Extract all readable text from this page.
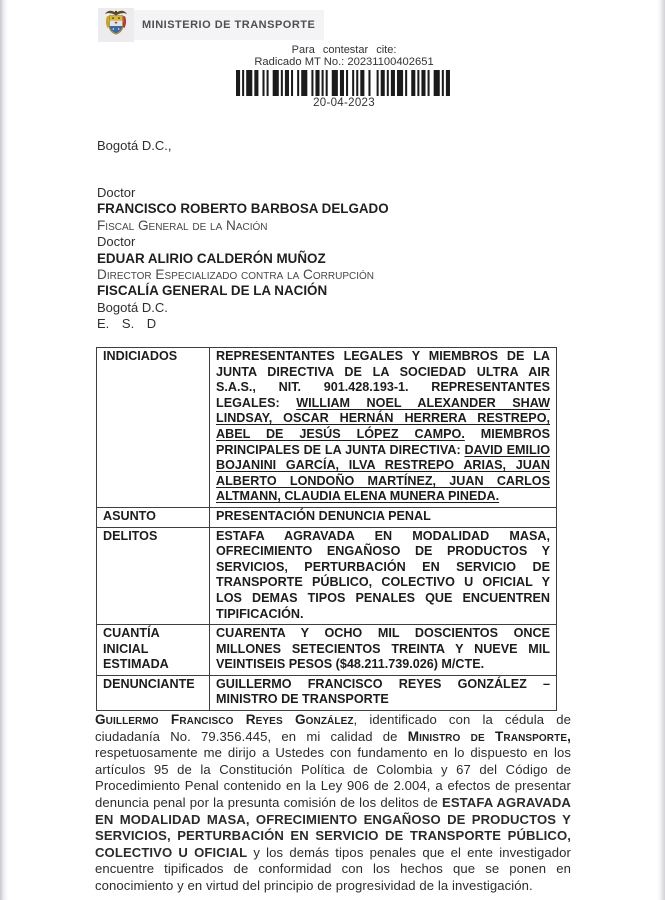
MINISTERIO DE TRANSPORTE
Para contestar cite:
Radicado MT No.: 20231100402651
20-04-2023
Bogotá D.C.,
Doctor
FRANCISCO ROBERTO BARBOSA DELGADO
Fiscal General de la Nación
Doctor
EDUAR ALIRIO CALDERÓN MUÑOZ
Director Especializado contra la Corrupción
FISCALÍA GENERAL DE LA NACIÓN
Bogotá D.C.
E. S. D
INDICIADOS	REPRESENTANTES LEGALES Y MIEMBROS DE LA JUNTA DIRECTIVA DE LA SOCIEDAD ULTRA AIR S.A.S., NIT. 901.428.193-1. REPRESENTANTES LEGALES: WILLIAM NOEL ALEXANDER SHAW LINDSAY, OSCAR HERNÁN HERRERA RESTREPO, ABEL DE JESÚS LÓPEZ CAMPO. MIEMBROS PRINCIPALES DE LA JUNTA DIRECTIVA: DAVID EMILIO BOJANINI GARCÍA, ILVA RESTREPO ARIAS, JUAN ALBERTO LONDOÑO MARTÍNEZ, JUAN CARLOS ALTMANN, CLAUDIA ELENA MUNERA PINEDA.
ASUNTO	PRESENTACIÓN DENUNCIA PENAL
DELITOS	ESTAFA AGRAVADA EN MODALIDAD MASA, OFRECIMIENTO ENGAÑOSO DE PRODUCTOS Y SERVICIOS, PERTURBACIÓN EN SERVICIO DE TRANSPORTE PÚBLICO, COLECTIVO U OFICIAL Y LOS DEMAS TIPOS PENALES QUE ENCUENTREN TIPIFICACIÓN.
CUANTÍA INICIAL ESTIMADA	CUARENTA Y OCHO MIL DOSCIENTOS ONCE MILLONES SETECIENTOS TREINTA Y NUEVE MIL VEINTISEIS PESOS ($48.211.739.026) M/CTE.
DENUNCIANTE	GUILLERMO FRANCISCO REYES GONZÁLEZ – MINISTRO DE TRANSPORTE
Guillermo Francisco Reyes González, identificado con la cédula de ciudadanía No. 79.356.445, en mi calidad de Ministro de Transporte, respetuosamente me dirijo a Ustedes con fundamento en lo dispuesto en los artículos 95 de la Constitución Política de Colombia y 67 del Código de Procedimiento Penal contenido en la Ley 906 de 2.004, a efectos de presentar denuncia penal por la presunta comisión de los delitos de ESTAFA AGRAVADA EN MODALIDAD MASA, OFRECIMIENTO ENGAÑOSO DE PRODUCTOS Y SERVICIOS, PERTURBACIÓN EN SERVICIO DE TRANSPORTE PÚBLICO, COLECTIVO U OFICIAL y los demás tipos penales que el ente investigador encuentre tipificados de conformidad con los hechos que se ponen en conocimiento y en virtud del principio de progresividad de la investigación.
